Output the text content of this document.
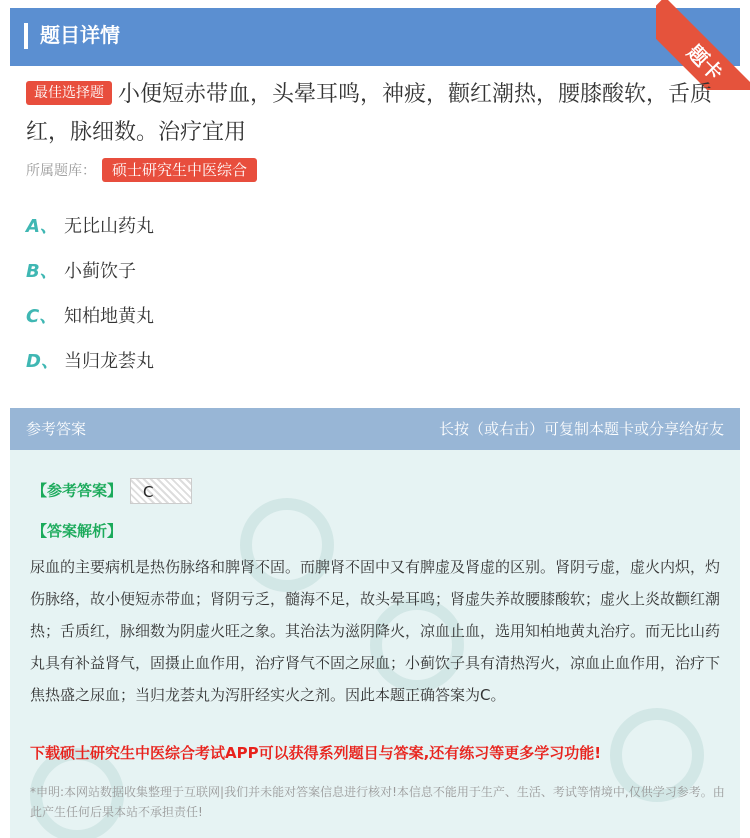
题目详情
题卡
最佳选择题 小便短赤带血，头晕耳鸣，神疲，颧红潮热，腰膝酸软，舌质红，脉细数。治疗宜用
所属题库： 硕士研究生中医综合
A、 无比山药丸
B、 小蓟饮子
C、 知柏地黄丸
D、 当归龙荟丸
参考答案	长按（或右击）可复制本题卡或分享给好友
【参考答案】 C
【答案解析】
尿血的主要病机是热伤脉络和脾肾不固。而脾肾不固中又有脾虚及肾虚的区别。肾阴亏虚，虚火内炽，灼伤脉络，故小便短赤带血；肾阴亏乏，髓海不足，故头晕耳鸣；肾虚失养故腰膝酸软；虚火上炎故颧红潮热；舌质红，脉细数为阴虚火旺之象。其治法为滋阴降火，凉血止血，选用知柏地黄丸治疗。而无比山药丸具有补益肾气，固摄止血作用，治疗肾气不固之尿血；小蓟饮子具有清热泻火，凉血止血作用，治疗下焦热盛之尿血；当归龙荟丸为泻肝经实火之剂。因此本题正确答案为C。
下载硕士研究生中医综合考试APP可以获得系列题目与答案,还有练习等更多学习功能!
*申明:本网站数据收集整理于互联网|我们并未能对答案信息进行核对!本信息不能用于生产、生活、考试等情境中,仅供学习参考。由此产生任何后果本站不承担责任!
